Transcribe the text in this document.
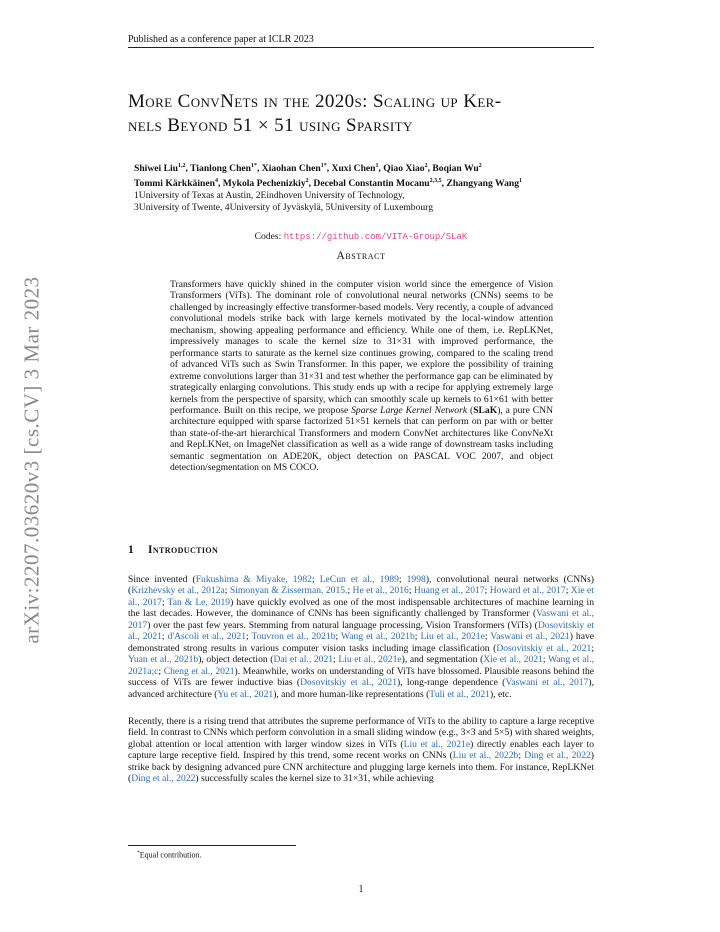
Published as a conference paper at ICLR 2023
arXiv:2207.03620v3 [cs.CV] 3 Mar 2023
More ConvNets in the 2020s: Scaling up Ker-
nels Beyond 51 × 51 using Sparsity
Shiwei Liu$^{1,2}$, Tianlong Chen$^{1*}$, Xiaohan Chen$^{1*}$, Xuxi Chen$^1$, Qiao Xiao$^2$, Boqian Wu$^2$
Tommi Kärkkäinen$^4$, Mykola Pechenizkiy$^2$, Decebal Constantin Mocanu$^{2,3,5}$, Zhangyang Wang$^1$
1University of Texas at Austin, 2Eindhoven University of Technology,
3University of Twente, 4University of Jyväskylä, 5University of Luxembourg
Codes: https://github.com/VITA-Group/SLaK
Abstract

Transformers have quickly shined in the computer vision world since the emergence of Vision Transformers (ViTs). The dominant role of convolutional neural networks (CNNs) seems to be challenged by increasingly effective transformer-based models. Very recently, a couple of advanced convolutional models strike back with large kernels motivated by the local-window attention mechanism, showing appealing performance and efficiency. While one of them, i.e. RepLKNet, impressively manages to scale the kernel size to 31×31 with improved performance, the performance starts to saturate as the kernel size continues growing, compared to the scaling trend of advanced ViTs such as Swin Transformer. In this paper, we explore the possibility of training extreme convolutions larger than 31×31 and test whether the performance gap can be eliminated by strategically enlarging convolutions. This study ends up with a recipe for applying extremely large kernels from the perspective of sparsity, which can smoothly scale up kernels to 61×61 with better performance. Built on this recipe, we propose Sparse Large Kernel Network (SLaK), a pure CNN architecture equipped with sparse factorized 51×51 kernels that can perform on par with or better than state-of-the-art hierarchical Transformers and modern ConvNet architectures like ConvNeXt and RepLKNet, on ImageNet classification as well as a wide range of downstream tasks including semantic segmentation on ADE20K, object detection on PASCAL VOC 2007, and object detection/segmentation on MS COCO.

1 Introduction

Since invented (Fukushima & Miyake, 1982; LeCun et al., 1989; 1998), convolutional neural networks (CNNs) (Krizhevsky et al., 2012a; Simonyan & Zisserman, 2015.; He et al., 2016; Huang et al., 2017; Howard et al., 2017; Xie et al., 2017; Tan & Le, 2019) have quickly evolved as one of the most indispensable architectures of machine learning in the last decades. However, the dominance of CNNs has been significantly challenged by Transformer (Vaswani et al., 2017) over the past few years. Stemming from natural language processing, Vision Transformers (ViTs) (Dosovitskiy et al., 2021; d'Ascoli et al., 2021; Touvron et al., 2021b; Wang et al., 2021b; Liu et al., 2021e; Vaswani et al., 2021) have demonstrated strong results in various computer vision tasks including image classification (Dosovitskiy et al., 2021; Yuan et al., 2021b), object detection (Dai et al., 2021; Liu et al., 2021e), and segmentation (Xie et al., 2021; Wang et al., 2021a;c; Cheng et al., 2021). Meanwhile, works on understanding of ViTs have blossomed. Plausible reasons behind the success of ViTs are fewer inductive bias (Dosovitskiy et al., 2021), long-range dependence (Vaswani et al., 2017), advanced architecture (Yu et al., 2021), and more human-like representations (Tuli et al., 2021), etc.

Recently, there is a rising trend that attributes the supreme performance of ViTs to the ability to capture a large receptive field. In contrast to CNNs which perform convolution in a small sliding window (e.g., 3×3 and 5×5) with shared weights, global attention or local attention with larger window sizes in ViTs (Liu et al., 2021e) directly enables each layer to capture large receptive field. Inspired by this trend, some recent works on CNNs (Liu et al., 2022b; Ding et al., 2022) strike back by designing advanced pure CNN architecture and plugging large kernels into them. For instance, RepLKNet (Ding et al., 2022) successfully scales the kernel size to 31×31, while achieving

*Equal contribution.
1
